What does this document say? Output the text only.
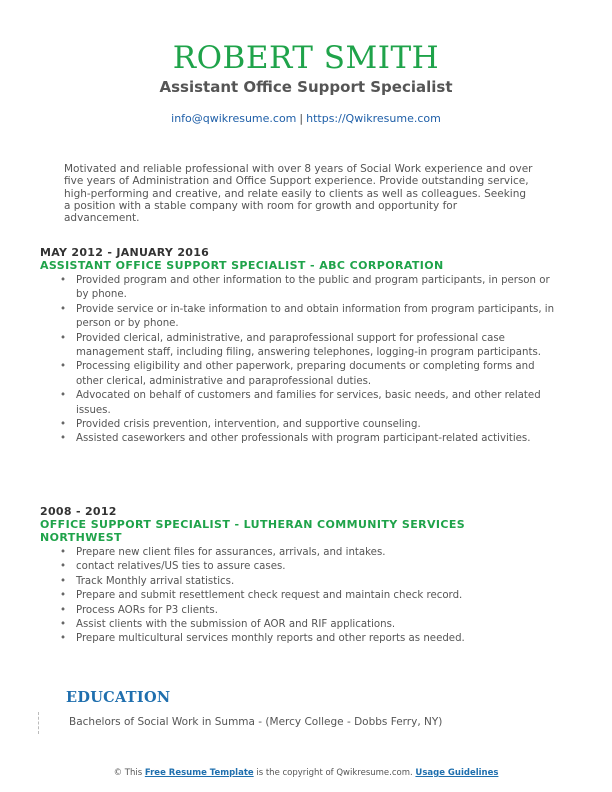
ROBERT SMITH
Assistant Office Support Specialist
info@qwikresume.com | https://Qwikresume.com
Motivated and reliable professional with over 8 years of Social Work experience and over five years of Administration and Office Support experience. Provide outstanding service, high-performing and creative, and relate easily to clients as well as colleagues. Seeking a position with a stable company with room for growth and opportunity for advancement.
MAY 2012 - JANUARY 2016
ASSISTANT OFFICE SUPPORT SPECIALIST - ABC CORPORATION
• Provided program and other information to the public and program participants, in person or by phone.
• Provide service or in-take information to and obtain information from program participants, in person or by phone.
• Provided clerical, administrative, and paraprofessional support for professional case management staff, including filing, answering telephones, logging-in program participants.
• Processing eligibility and other paperwork, preparing documents or completing forms and other clerical, administrative and paraprofessional duties.
• Advocated on behalf of customers and families for services, basic needs, and other related issues.
• Provided crisis prevention, intervention, and supportive counseling.
• Assisted caseworkers and other professionals with program participant-related activities.
2008 - 2012
OFFICE SUPPORT SPECIALIST - LUTHERAN COMMUNITY SERVICES NORTHWEST
• Prepare new client files for assurances, arrivals, and intakes.
• contact relatives/US ties to assure cases.
• Track Monthly arrival statistics.
• Prepare and submit resettlement check request and maintain check record.
• Process AORs for P3 clients.
• Assist clients with the submission of AOR and RIF applications.
• Prepare multicultural services monthly reports and other reports as needed.
EDUCATION
Bachelors of Social Work in Summa - (Mercy College - Dobbs Ferry, NY)
© This Free Resume Template is the copyright of Qwikresume.com. Usage Guidelines
